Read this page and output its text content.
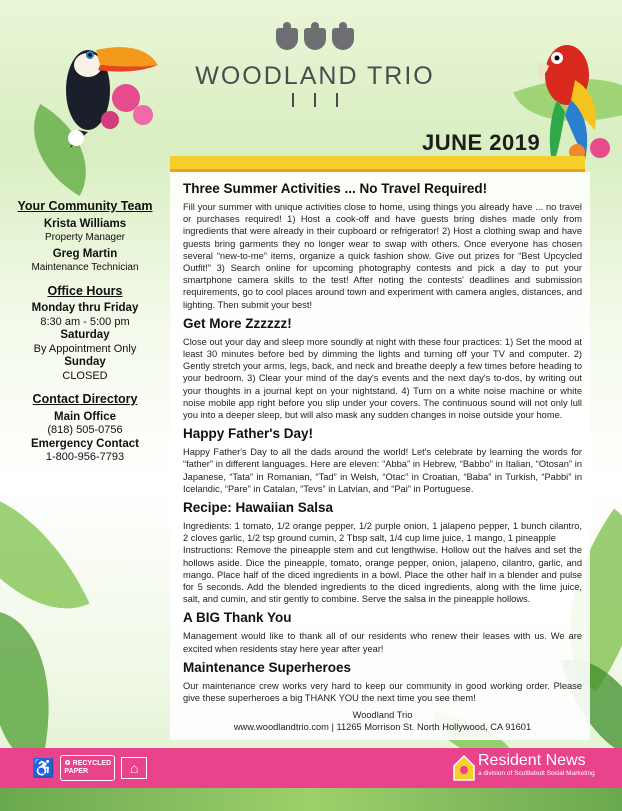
WOODLAND TRIO
JUNE 2019
Your Community Team
Krista Williams
Property Manager
Greg Martin
Maintenance Technician
Office Hours
Monday thru Friday
8:30 am - 5:00 pm
Saturday
By Appointment Only
Sunday
CLOSED
Contact Directory
Main Office
(818) 505-0756
Emergency Contact
1-800-956-7793
Three Summer Activities ... No Travel Required!

Fill your summer with unique activities close to home, using things you already have ... no travel or purchases required! 1) Host a cook-off and have guests bring dishes made only from ingredients that were already in their cupboard or refrigerator! 2) Host a clothing swap and have guests bring garments they no longer wear to swap with others. Once everyone has chosen several “new-to-me” items, organize a quick fashion show. Give out prizes for “Best Upcycled Outfit!” 3) Search online for upcoming photography contests and pick a day to put your smartphone camera skills to the test! After noting the contests' deadlines and submission requirements, go to cool places around town and experiment with camera angles, distances, and lighting. Then submit your best!

Get More Zzzzzz!

Close out your day and sleep more soundly at night with these four practices: 1) Set the mood at least 30 minutes before bed by dimming the lights and turning off your TV and computer. 2) Gently stretch your arms, legs, back, and neck and breathe deeply a few times before heading to your bedroom. 3) Clear your mind of the day's events and the next day's to-dos, by writing out your thoughts in a journal kept on your nightstand. 4) Turn on a white noise machine or white noise mobile app right before you slip under your covers. The continuous sound will not only lull you into a deeper sleep, but will also mask any sudden changes in noise outside your home.

Happy Father's Day!

Happy Father's Day to all the dads around the world! Let's celebrate by learning the words for “father” in different languages. Here are eleven: “Abba” in Hebrew, “Babbo” in Italian, “Otosan” in Japanese, “Tata” in Romanian, “Tad” in Welsh, “Otac” in Croatian, “Baba” in Turkish, “Pabbi” in Icelandic, “Pare” in Catalan, “Tevs” in Latvian, and “Pai” in Portuguese.

Recipe: Hawaiian Salsa

Ingredients: 1 tomato, 1/2 orange pepper, 1/2 purple onion, 1 jalapeno pepper, 1 bunch cilantro, 2 cloves garlic, 1/2 tsp ground cumin, 2 Tbsp salt, 1/4 cup lime juice, 1 mango, 1 pineapple

Instructions: Remove the pineapple stem and cut lengthwise. Hollow out the halves and set the hollows aside. Dice the pineapple, tomato, orange pepper, onion, jalapeno, cilantro, garlic, and mango. Place half of the diced ingredients in a bowl. Place the other half in a blender and pulse for 5 seconds. Add the blended ingredients to the diced ingredients, along with the lime juice, salt, and cumin, and stir gently to combine. Serve the salsa in the pineapple hollows.

A BIG Thank You

Management would like to thank all of our residents who renew their leases with us. We are excited when residents stay here year after year!

Maintenance Superheroes

Our maintenance crew works very hard to keep our community in good working order. Please give these superheroes a big THANK YOU the next time you see them!

Woodland Trio
www.woodlandtrio.com | 11265 Morrison St. North Hollywood, CA 91601
♿ ♻ RECYCLED
PAPER	⌂	Resident News
a division of Scuttlebutt Social Marketing
